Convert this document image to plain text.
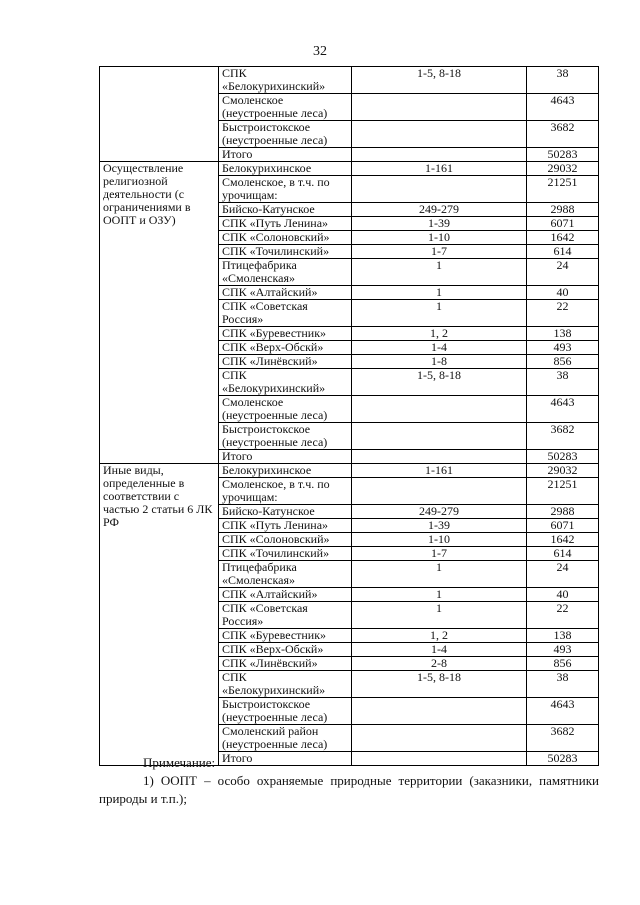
32
	СПК «Белокурихинский»	1-5, 8-18	38
	Смоленское (неустроенные леса)		4643
	Быстроистокское (неустроенные леса)		3682
	Итого		50283
Осуществление религиозной деятельности (с ограничениями в ООПТ и ОЗУ)	Белокурихинское	1-161	29032
	Смоленское, в т.ч. по урочищам:		21251
	Бийско-Катунское	249-279	2988
	СПК «Путь Ленина»	1-39	6071
	СПК «Солоновский»	1-10	1642
	СПК «Точилинский»	1-7	614
	Птицефабрика «Смоленская»	1	24
	СПК «Алтайский»	1	40
	СПК «Советская Россия»	1	22
	СПК «Буревестник»	1, 2	138
	СПК «Верх-Обскй»	1-4	493
	СПК «Линёвский»	1-8	856
	СПК «Белокурихинский»	1-5, 8-18	38
	Смоленское (неустроенные леса)		4643
	Быстроистокское (неустроенные леса)		3682
	Итого		50283
Иные виды, определенные в соответствии с частью 2 статьи 6 ЛК РФ	Белокурихинское	1-161	29032
	Смоленское, в т.ч. по урочищам:		21251
	Бийско-Катунское	249-279	2988
	СПК «Путь Ленина»	1-39	6071
	СПК «Солоновский»	1-10	1642
	СПК «Точилинский»	1-7	614
	Птицефабрика «Смоленская»	1	24
	СПК «Алтайский»	1	40
	СПК «Советская Россия»	1	22
	СПК «Буревестник»	1, 2	138
	СПК «Верх-Обскй»	1-4	493
	СПК «Линёвский»	2-8	856
	СПК «Белокурихинский»	1-5, 8-18	38
	Быстроистокское (неустроенные леса)		4643
	Смоленский район (неустроенные леса)		3682
	Итого		50283
Примечание:
1) ООПТ – особо охраняемые природные территории (заказники, памятники природы и т.п.);
